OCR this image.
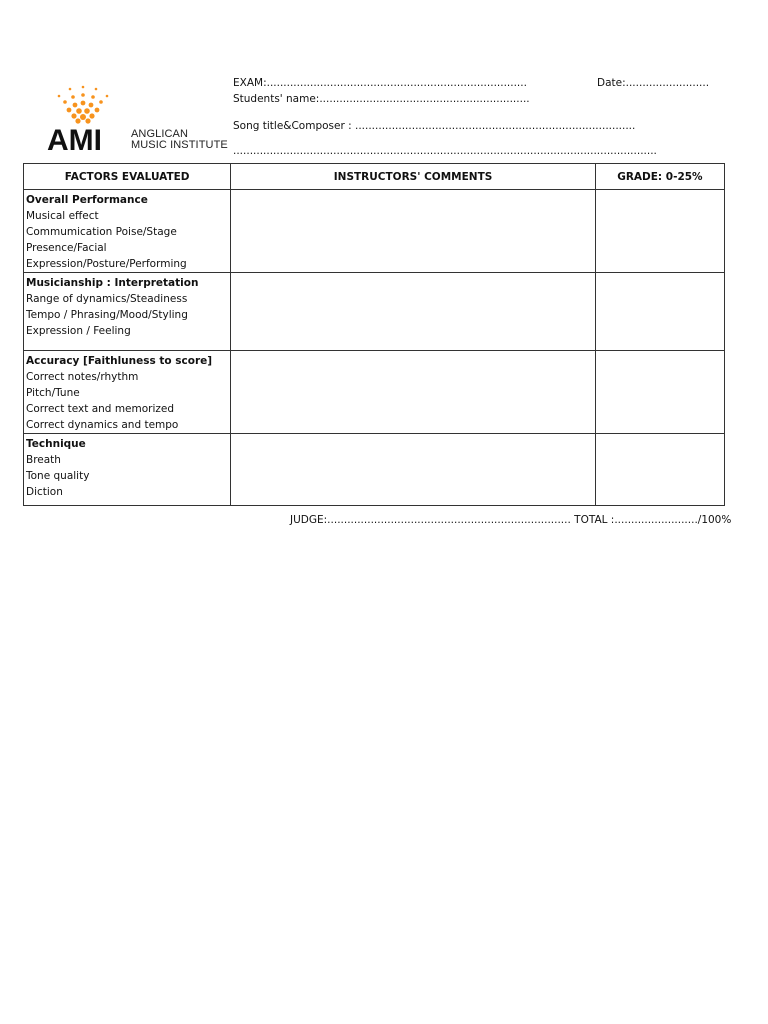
AMI	ANGLICAN
MUSIC INSTITUTE
EXAM:..............................................................................	Date:.........................
Students' name:...............................................................
Song title&Composer : ....................................................................................
...............................................................................................................................
FACTORS EVALUATED	INSTRUCTORS' COMMENTS	GRADE: 0-25%

Overall Performance
Musical effect
Commumication Poise/Stage
Presence/Facial
Expression/Posture/Performing		

Musicianship : Interpretation
Range of dynamics/Steadiness
Tempo / Phrasing/Mood/Styling
Expression / Feeling		

Accuracy [Faithluness to score]
Correct notes/rhythm
Pitch/Tune
Correct text and memorized
Correct dynamics and tempo		

Technique
Breath
Tone quality
Diction		

JUDGE:......................................................................... TOTAL :........................./100%
